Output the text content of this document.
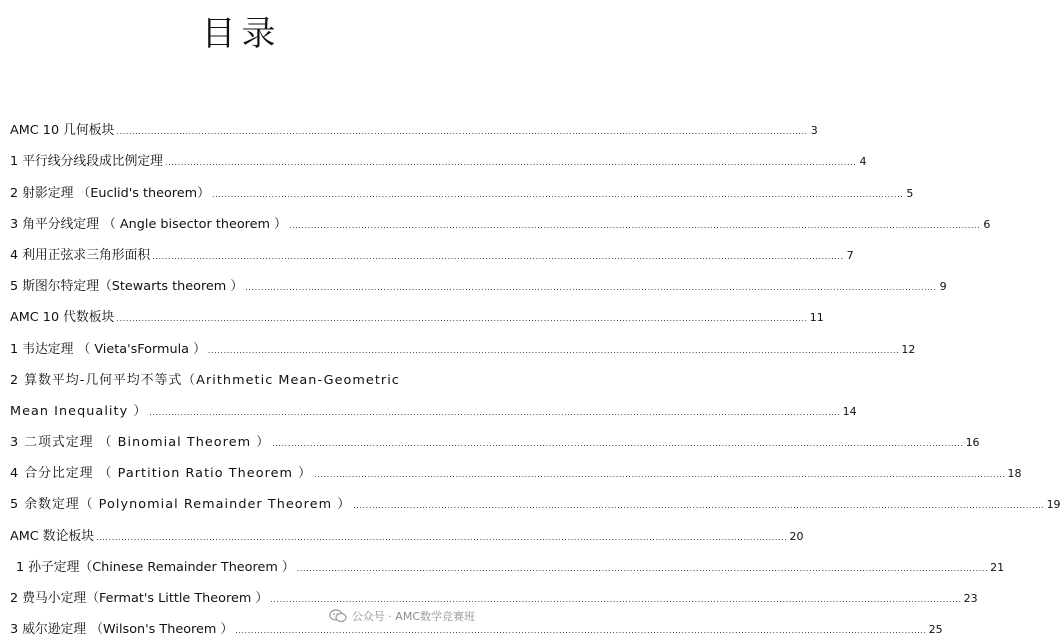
目录
AMC 10 几何板块 ............................................................................................................................................................................................................................ 3
1 平行线分线段成比例定理 ............................................................................................................................................................................................................................ 4
2 射影定理 （Euclid's theorem） ............................................................................................................................................................................................................................ 5
3 角平分线定理 （ Angle bisector theorem ） ............................................................................................................................................................................................................................ 6
4 利用正弦求三角形面积 ............................................................................................................................................................................................................................ 7
5 斯图尔特定理（Stewarts theorem ） ............................................................................................................................................................................................................................ 9
AMC 10 代数板块 ............................................................................................................................................................................................................................ 11
1 韦达定理 （ Vieta'sFormula ） ............................................................................................................................................................................................................................ 12
2 算数平均-几何平均不等式（Arithmetic Mean-Geometric
Mean Inequality ） ............................................................................................................................................................................................................................ 14
3 二项式定理 （ Binomial Theorem ） ............................................................................................................................................................................................................................ 16
4 合分比定理 （ Partition Ratio Theorem ） ............................................................................................................................................................................................................................ 18
5 余数定理（ Polynomial Remainder Theorem ） ............................................................................................................................................................................................................................ 19
AMC 数论板块 ............................................................................................................................................................................................................................ 20
1 孙子定理（Chinese Remainder Theorem ） ............................................................................................................................................................................................................................ 21
2 费马小定理（Fermat's Little Theorem ） ............................................................................................................................................................................................................................ 23
3 威尔逊定理 （Wilson's Theorem ） ............................................................................................................................................................................................................................ 25
公众号 · AMC数学竞赛班
